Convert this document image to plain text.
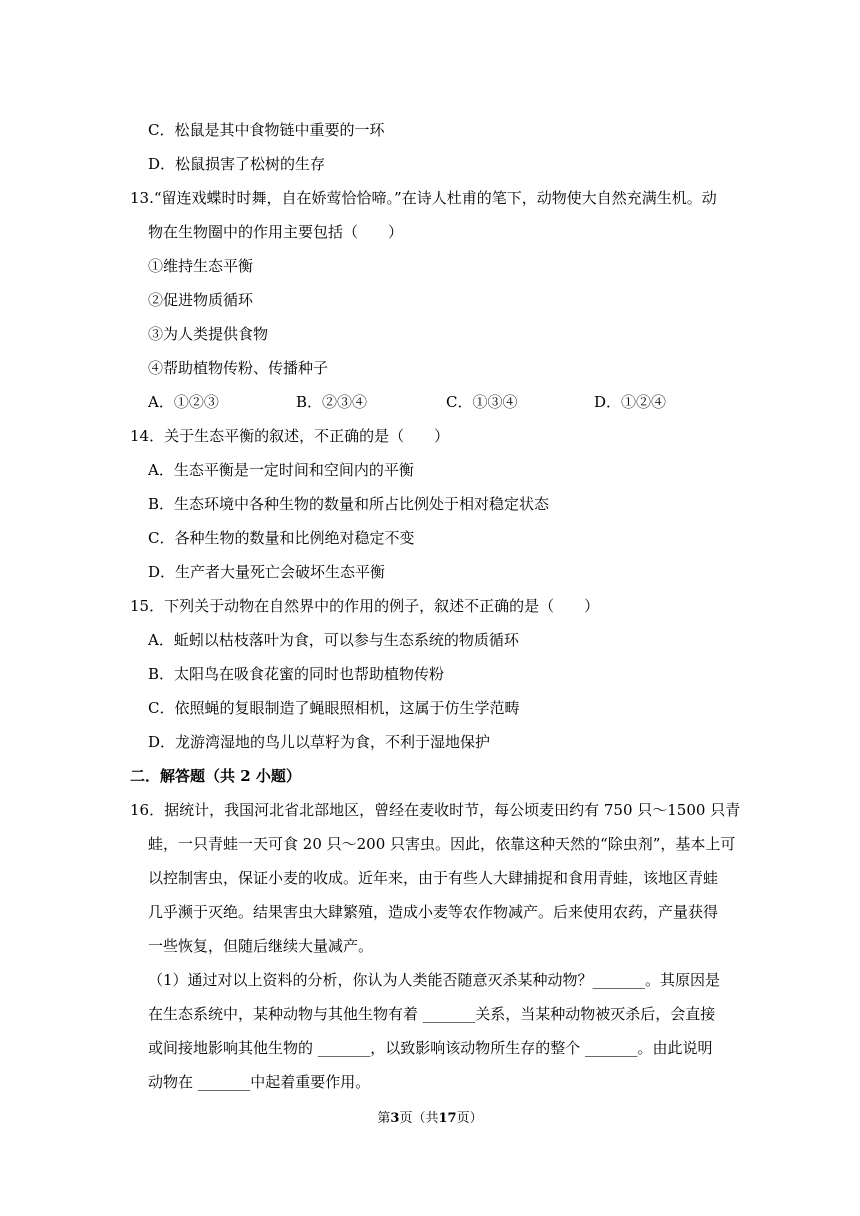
C．松鼠是其中食物链中重要的一环
D．松鼠损害了松树的生存
13.“留连戏蝶时时舞，自在娇莺恰恰啼。”在诗人杜甫的笔下，动物使大自然充满生机。动
物在生物圈中的作用主要包括（　　）
①维持生态平衡
②促进物质循环
③为人类提供食物
④帮助植物传粉、传播种子
A．①②③	B．②③④	C．①③④	D．①②④
14．关于生态平衡的叙述，不正确的是（　　）
A．生态平衡是一定时间和空间内的平衡
B．生态环境中各种生物的数量和所占比例处于相对稳定状态
C．各种生物的数量和比例绝对稳定不变
D．生产者大量死亡会破坏生态平衡
15．下列关于动物在自然界中的作用的例子，叙述不正确的是（　　）
A．蚯蚓以枯枝落叶为食，可以参与生态系统的物质循环
B．太阳鸟在吸食花蜜的同时也帮助植物传粉
C．依照蝇的复眼制造了蝇眼照相机，这属于仿生学范畴
D．龙游湾湿地的鸟儿以草籽为食，不利于湿地保护
二．解答题（共 2 小题）
16．据统计，我国河北省北部地区，曾经在麦收时节，每公顷麦田约有 750 只～1500 只青
蛙，一只青蛙一天可食 20 只～200 只害虫。因此，依靠这种天然的“除虫剂”，基本上可
以控制害虫，保证小麦的收成。近年来，由于有些人大肆捕捉和食用青蛙，该地区青蛙
几乎濒于灭绝。结果害虫大肆繁殖，造成小麦等农作物减产。后来使用农药，产量获得
一些恢复，但随后继续大量减产。
（1）通过对以上资料的分析，你认为人类能否随意灭杀某种动物？_______。其原因是
在生态系统中，某种动物与其他生物有着 _______关系，当某种动物被灭杀后，会直接
或间接地影响其他生物的 _______，以致影响该动物所生存的整个 _______。由此说明
动物在 _______中起着重要作用。
第3页（共17页）
